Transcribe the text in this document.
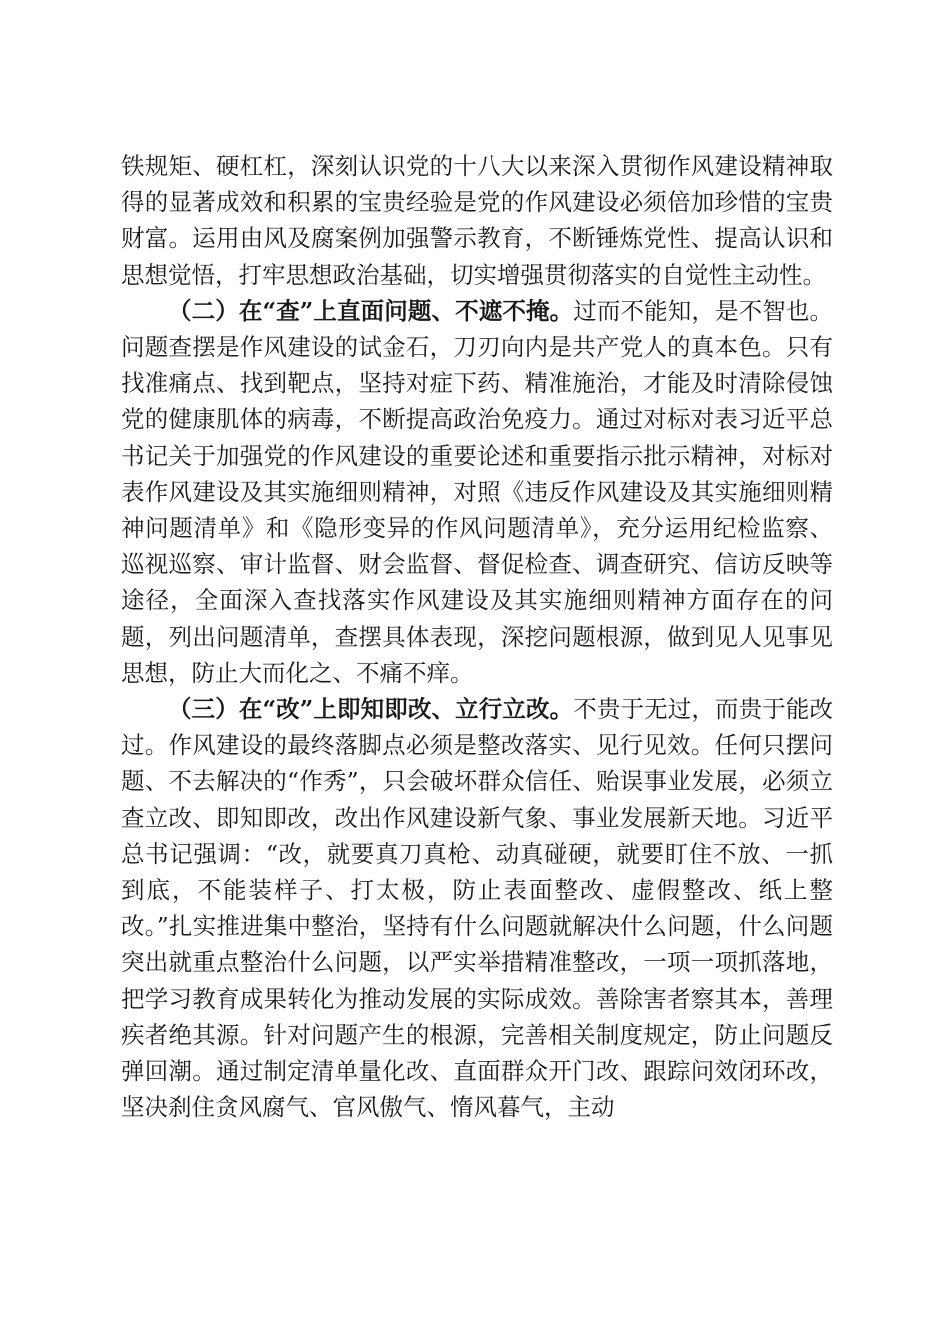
铁规矩、硬杠杠，深刻认识党的十八大以来深入贯彻作风建设精神取得的显著成效和积累的宝贵经验是党的作风建设必须倍加珍惜的宝贵财富。运用由风及腐案例加强警示教育，不断锤炼党性、提高认识和思想觉悟，打牢思想政治基础，切实增强贯彻落实的自觉性主动性。

（二）在“查”上直面问题、不遮不掩。过而不能知，是不智也。问题查摆是作风建设的试金石，刀刃向内是共产党人的真本色。只有找准痛点、找到靶点，坚持对症下药、精准施治，才能及时清除侵蚀党的健康肌体的病毒，不断提高政治免疫力。通过对标对表习近平总书记关于加强党的作风建设的重要论述和重要指示批示精神，对标对表作风建设及其实施细则精神，对照《违反作风建设及其实施细则精神问题清单》和《隐形变异的作风问题清单》，充分运用纪检监察、巡视巡察、审计监督、财会监督、督促检查、调查研究、信访反映等途径，全面深入查找落实作风建设及其实施细则精神方面存在的问题，列出问题清单，查摆具体表现，深挖问题根源，做到见人见事见思想，防止大而化之、不痛不痒。

（三）在“改”上即知即改、立行立改。不贵于无过，而贵于能改过。作风建设的最终落脚点必须是整改落实、见行见效。任何只摆问题、不去解决的“作秀”，只会破坏群众信任、贻误事业发展，必须立查立改、即知即改，改出作风建设新气象、事业发展新天地。习近平总书记强调：“改，就要真刀真枪、动真碰硬，就要盯住不放、一抓到底，不能装样子、打太极，防止表面整改、虚假整改、纸上整改。”扎实推进集中整治，坚持有什么问题就解决什么问题，什么问题突出就重点整治什么问题，以严实举措精准整改，一项一项抓落地，把学习教育成果转化为推动发展的实际成效。善除害者察其本，善理疾者绝其源。针对问题产生的根源，完善相关制度规定，防止问题反弹回潮。通过制定清单量化改、直面群众开门改、跟踪问效闭环改，坚决刹住贪风腐气、官风傲气、惰风暮气，主动
